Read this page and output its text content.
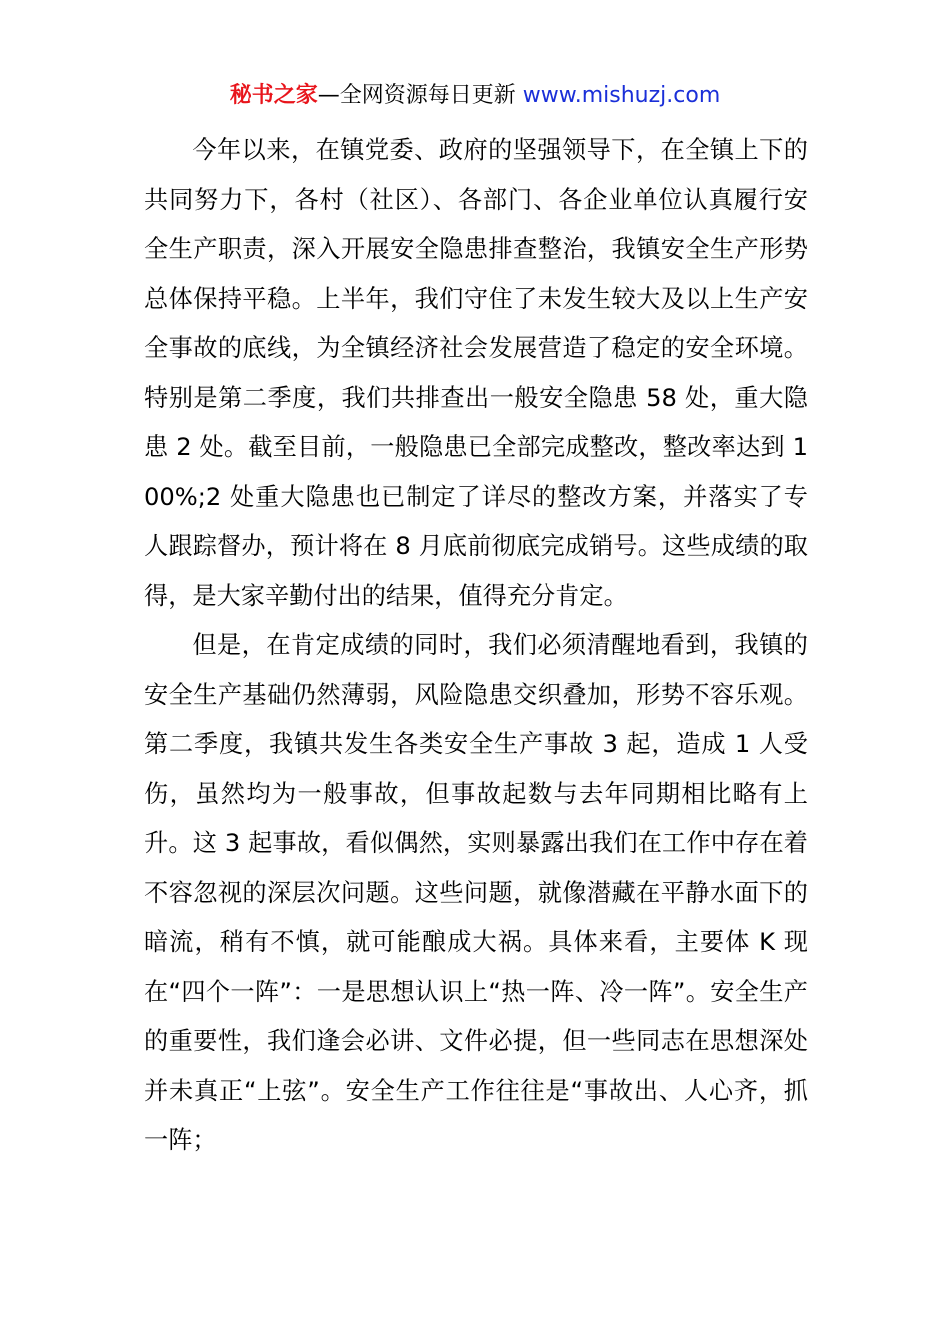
秘书之家—全网资源每日更新 www.mishuzj.com

今年以来，在镇党委、政府的坚强领导下，在全镇上下的共同努力下，各村（社区）、各部门、各企业单位认真履行安全生产职责，深入开展安全隐患排查整治，我镇安全生产形势总体保持平稳。上半年，我们守住了未发生较大及以上生产安全事故的底线，为全镇经济社会发展营造了稳定的安全环境。特别是第二季度，我们共排查出一般安全隐患 58 处，重大隐患 2 处。截至目前，一般隐患已全部完成整改，整改率达到 100%;2 处重大隐患也已制定了详尽的整改方案，并落实了专人跟踪督办，预计将在 8 月底前彻底完成销号。这些成绩的取得，是大家辛勤付出的结果，值得充分肯定。

但是，在肯定成绩的同时，我们必须清醒地看到，我镇的安全生产基础仍然薄弱，风险隐患交织叠加，形势不容乐观。第二季度，我镇共发生各类安全生产事故 3 起，造成 1 人受伤，虽然均为一般事故，但事故起数与去年同期相比略有上升。这 3 起事故，看似偶然，实则暴露出我们在工作中存在着不容忽视的深层次问题。这些问题，就像潜藏在平静水面下的暗流，稍有不慎，就可能酿成大祸。具体来看，主要体 K 现在“四个一阵”：一是思想认识上“热一阵、冷一阵”。安全生产的重要性，我们逢会必讲、文件必提，但一些同志在思想深处并未真正“上弦”。安全生产工作往往是“事故出、人心齐，抓一阵；
